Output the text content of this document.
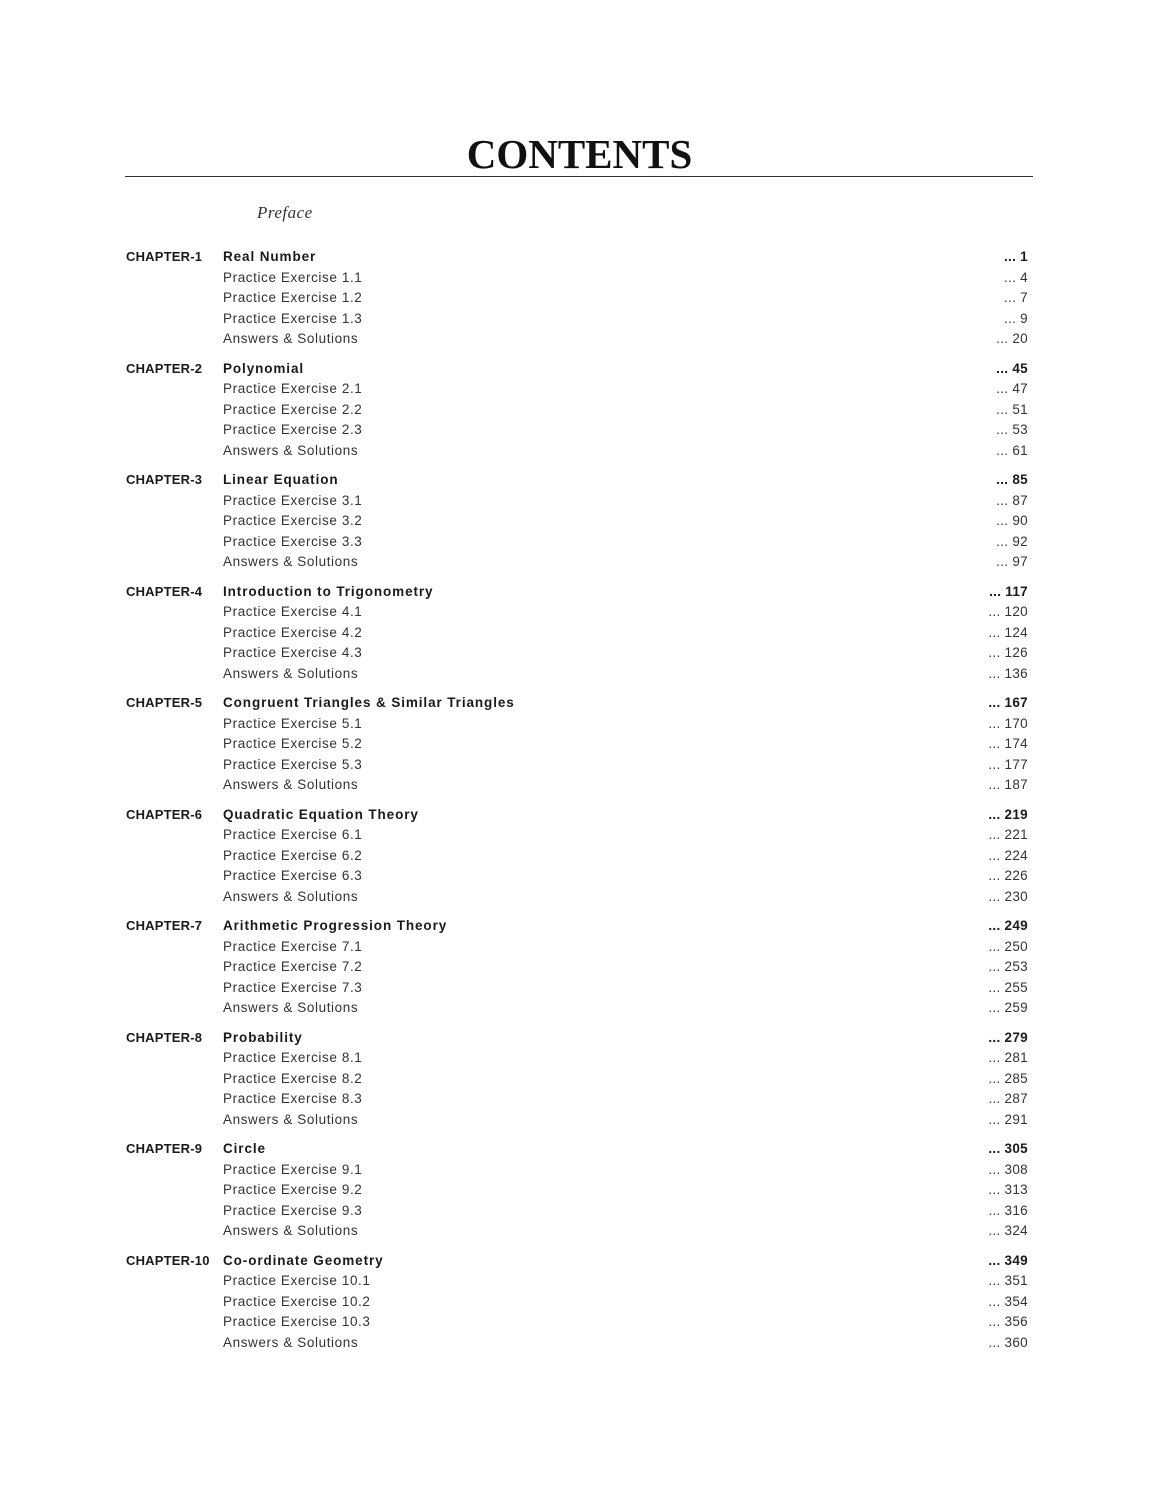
CONTENTS
Preface
CHAPTER-1 Real Number	... 1
Practice Exercise 1.1	... 4
Practice Exercise 1.2	... 7
Practice Exercise 1.3	... 9
Answers & Solutions	... 20
CHAPTER-2 Polynomial	... 45
Practice Exercise 2.1	... 47
Practice Exercise 2.2	... 51
Practice Exercise 2.3	... 53
Answers & Solutions	... 61
CHAPTER-3 Linear Equation	... 85
Practice Exercise 3.1	... 87
Practice Exercise 3.2	... 90
Practice Exercise 3.3	... 92
Answers & Solutions	... 97
CHAPTER-4 Introduction to Trigonometry	... 117
Practice Exercise 4.1	... 120
Practice Exercise 4.2	... 124
Practice Exercise 4.3	... 126
Answers & Solutions	... 136
CHAPTER-5 Congruent Triangles & Similar Triangles	... 167
Practice Exercise 5.1	... 170
Practice Exercise 5.2	... 174
Practice Exercise 5.3	... 177
Answers & Solutions	... 187
CHAPTER-6 Quadratic Equation Theory	... 219
Practice Exercise 6.1	... 221
Practice Exercise 6.2	... 224
Practice Exercise 6.3	... 226
Answers & Solutions	... 230
CHAPTER-7 Arithmetic Progression Theory	... 249
Practice Exercise 7.1	... 250
Practice Exercise 7.2	... 253
Practice Exercise 7.3	... 255
Answers & Solutions	... 259
CHAPTER-8 Probability	... 279
Practice Exercise 8.1	... 281
Practice Exercise 8.2	... 285
Practice Exercise 8.3	... 287
Answers & Solutions	... 291
CHAPTER-9 Circle	... 305
Practice Exercise 9.1	... 308
Practice Exercise 9.2	... 313
Practice Exercise 9.3	... 316
Answers & Solutions	... 324
CHAPTER-10 Co-ordinate Geometry	... 349
Practice Exercise 10.1	... 351
Practice Exercise 10.2	... 354
Practice Exercise 10.3	... 356
Answers & Solutions	... 360
